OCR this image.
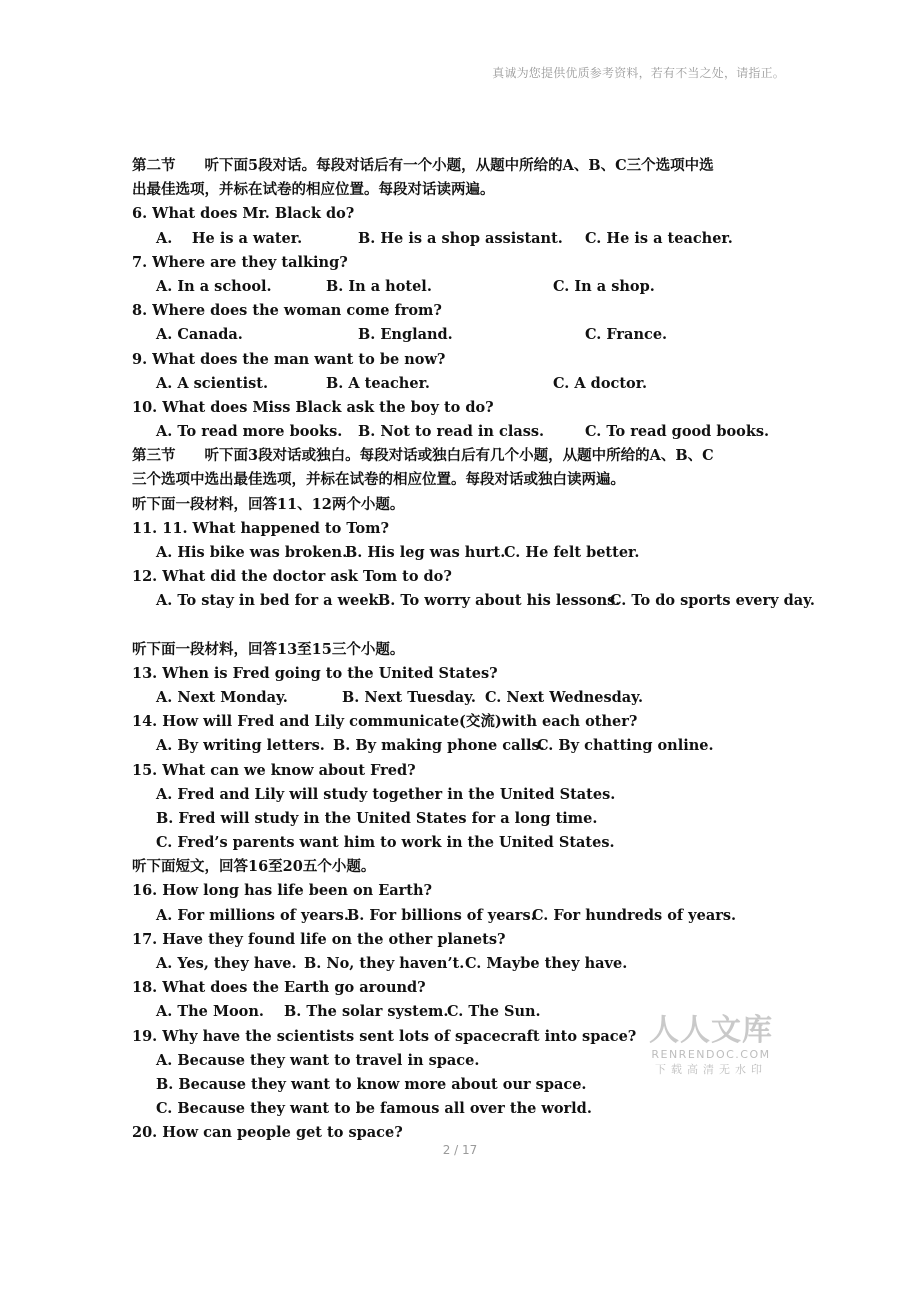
真诚为您提供优质参考资料，若有不当之处，请指正。
第二节　　听下面5段对话。每段对话后有一个小题，从题中所给的A、B、C三个选项中选
出最佳选项，并标在试卷的相应位置。每段对话读两遍。
6. What does Mr. Black do?
A.   He is a water.	B. He is a shop assistant. C. He is a teacher.
7. Where are they talking?
A. In a school.	B. In a hotel.	C. In a shop.
8. Where does the woman come from?
A. Canada.	B. England.	C. France.
9. What does the man want to be now?
A. A scientist.	B. A teacher.	C. A doctor.
10. What does Miss Black ask the boy to do?
A. To read more books. B. Not to read in class.	C. To read good books.
第三节　　听下面3段对话或独白。每段对话或独白后有几个小题，从题中所给的A、B、C
三个选项中选出最佳选项，并标在试卷的相应位置。每段对话或独白读两遍。
听下面一段材料，回答11、12两个小题。
11. 11. What happened to Tom?
A. His bike was broken.B. His leg was hurt.C. He felt better.
12. What did the doctor ask Tom to do?
A. To stay in bed for a week.B. To worry about his lessons.C. To do sports every day.
听下面一段材料，回答13至15三个小题。
13. When is Fred going to the United States?
A. Next Monday.	B. Next Tuesday. C. Next Wednesday.
14. How will Fred and Lily communicate(交流)with each other?
A. By writing letters. B. By making phone calls.C. By chatting online.
15. What can we know about Fred?
A. Fred and Lily will study together in the United States.
B. Fred will study in the United States for a long time.
C. Fred’s parents want him to work in the United States.
听下面短文，回答16至20五个小题。
16. How long has life been on Earth?
A. For millions of years.B. For billions of years.C. For hundreds of years.
17. Have they found life on the other planets?
A. Yes, they have. B. No, they haven’t.C. Maybe they have.
18. What does the Earth go around?
A. The Moon. B. The solar system.C. The Sun.
19. Why have the scientists sent lots of spacecraft into space?
A. Because they want to travel in space.
B. Because they want to know more about our space.
C. Because they want to be famous all over the world.
20. How can people get to space?
人人文库
RENRENDOC.COM
下载高清无水印
2 / 17
